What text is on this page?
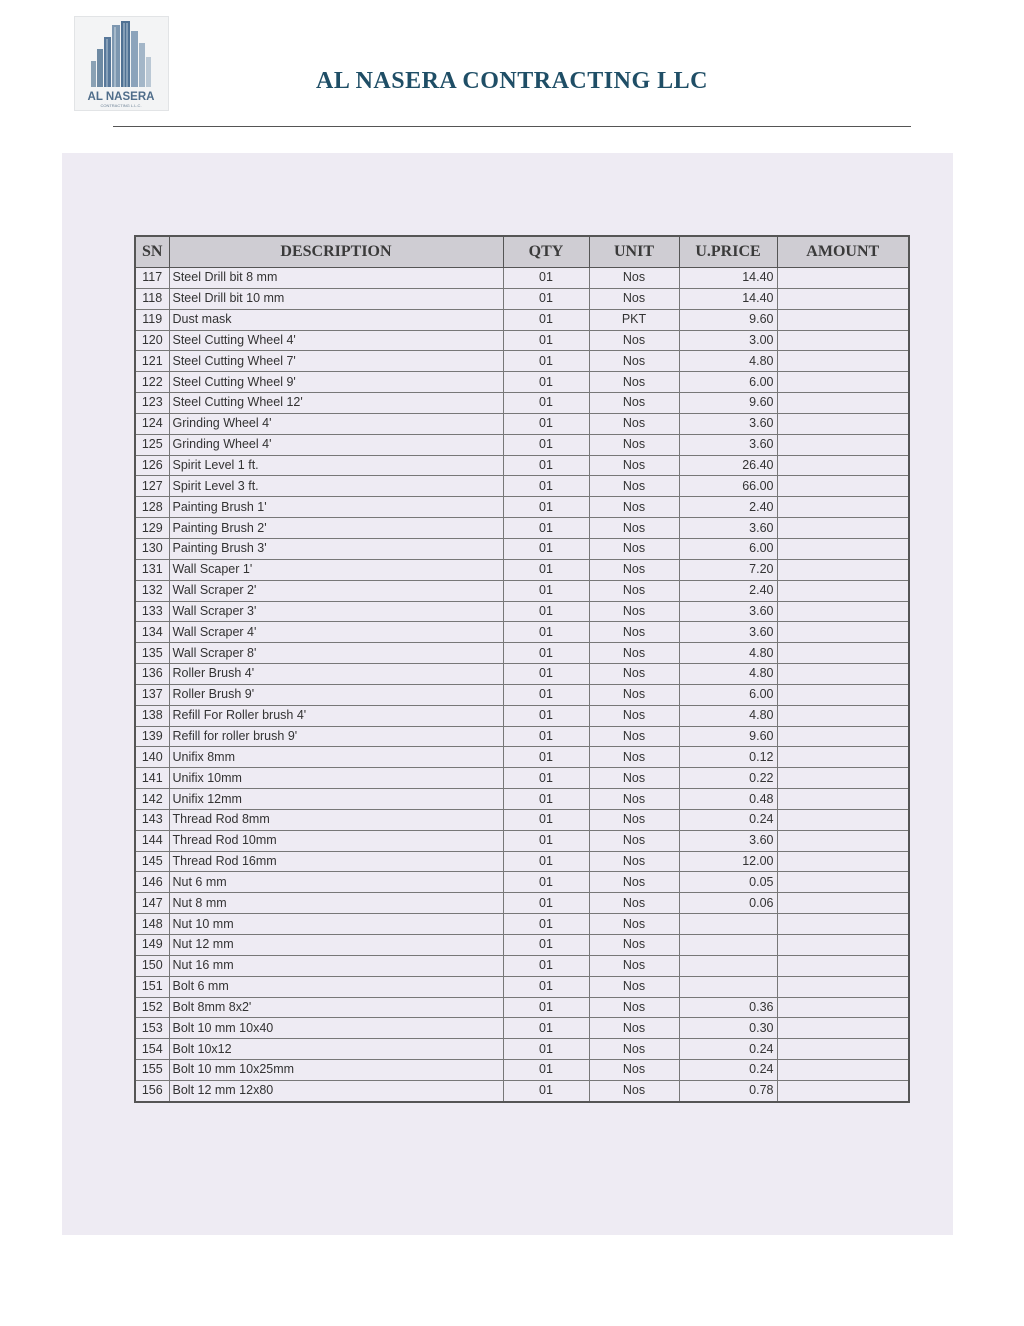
AL NASERA
CONTRACTING L.L.C.
AL NASERA CONTRACTING LLC
SN	DESCRIPTION	QTY	UNIT	U.PRICE	AMOUNT
117	Steel Drill bit 8 mm	01	Nos	14.40	
118	Steel Drill bit 10 mm	01	Nos	14.40	
119	Dust mask	01	PKT	9.60	
120	Steel Cutting Wheel 4'	01	Nos	3.00	
121	Steel Cutting Wheel 7'	01	Nos	4.80	
122	Steel Cutting Wheel 9'	01	Nos	6.00	
123	Steel Cutting Wheel 12'	01	Nos	9.60	
124	Grinding Wheel 4'	01	Nos	3.60	
125	Grinding Wheel 4'	01	Nos	3.60	
126	Spirit Level 1 ft.	01	Nos	26.40	
127	Spirit Level 3 ft.	01	Nos	66.00	
128	Painting Brush 1'	01	Nos	2.40	
129	Painting Brush 2'	01	Nos	3.60	
130	Painting Brush 3'	01	Nos	6.00	
131	Wall Scaper 1'	01	Nos	7.20	
132	Wall Scraper 2'	01	Nos	2.40	
133	Wall Scraper 3'	01	Nos	3.60	
134	Wall Scraper 4'	01	Nos	3.60	
135	Wall Scraper 8'	01	Nos	4.80	
136	Roller Brush 4'	01	Nos	4.80	
137	Roller Brush 9'	01	Nos	6.00	
138	Refill For Roller brush 4'	01	Nos	4.80	
139	Refill for roller brush 9'	01	Nos	9.60	
140	Unifix 8mm	01	Nos	0.12	
141	Unifix 10mm	01	Nos	0.22	
142	Unifix 12mm	01	Nos	0.48	
143	Thread Rod 8mm	01	Nos	0.24	
144	Thread Rod 10mm	01	Nos	3.60	
145	Thread Rod 16mm	01	Nos	12.00	
146	Nut 6 mm	01	Nos	0.05	
147	Nut 8 mm	01	Nos	0.06	
148	Nut 10 mm	01	Nos		
149	Nut 12 mm	01	Nos		
150	Nut 16 mm	01	Nos		
151	Bolt 6 mm	01	Nos		
152	Bolt 8mm 8x2'	01	Nos	0.36	
153	Bolt 10 mm 10x40	01	Nos	0.30	
154	Bolt 10x12	01	Nos	0.24	
155	Bolt 10 mm 10x25mm	01	Nos	0.24	
156	Bolt 12 mm 12x80	01	Nos	0.78	
